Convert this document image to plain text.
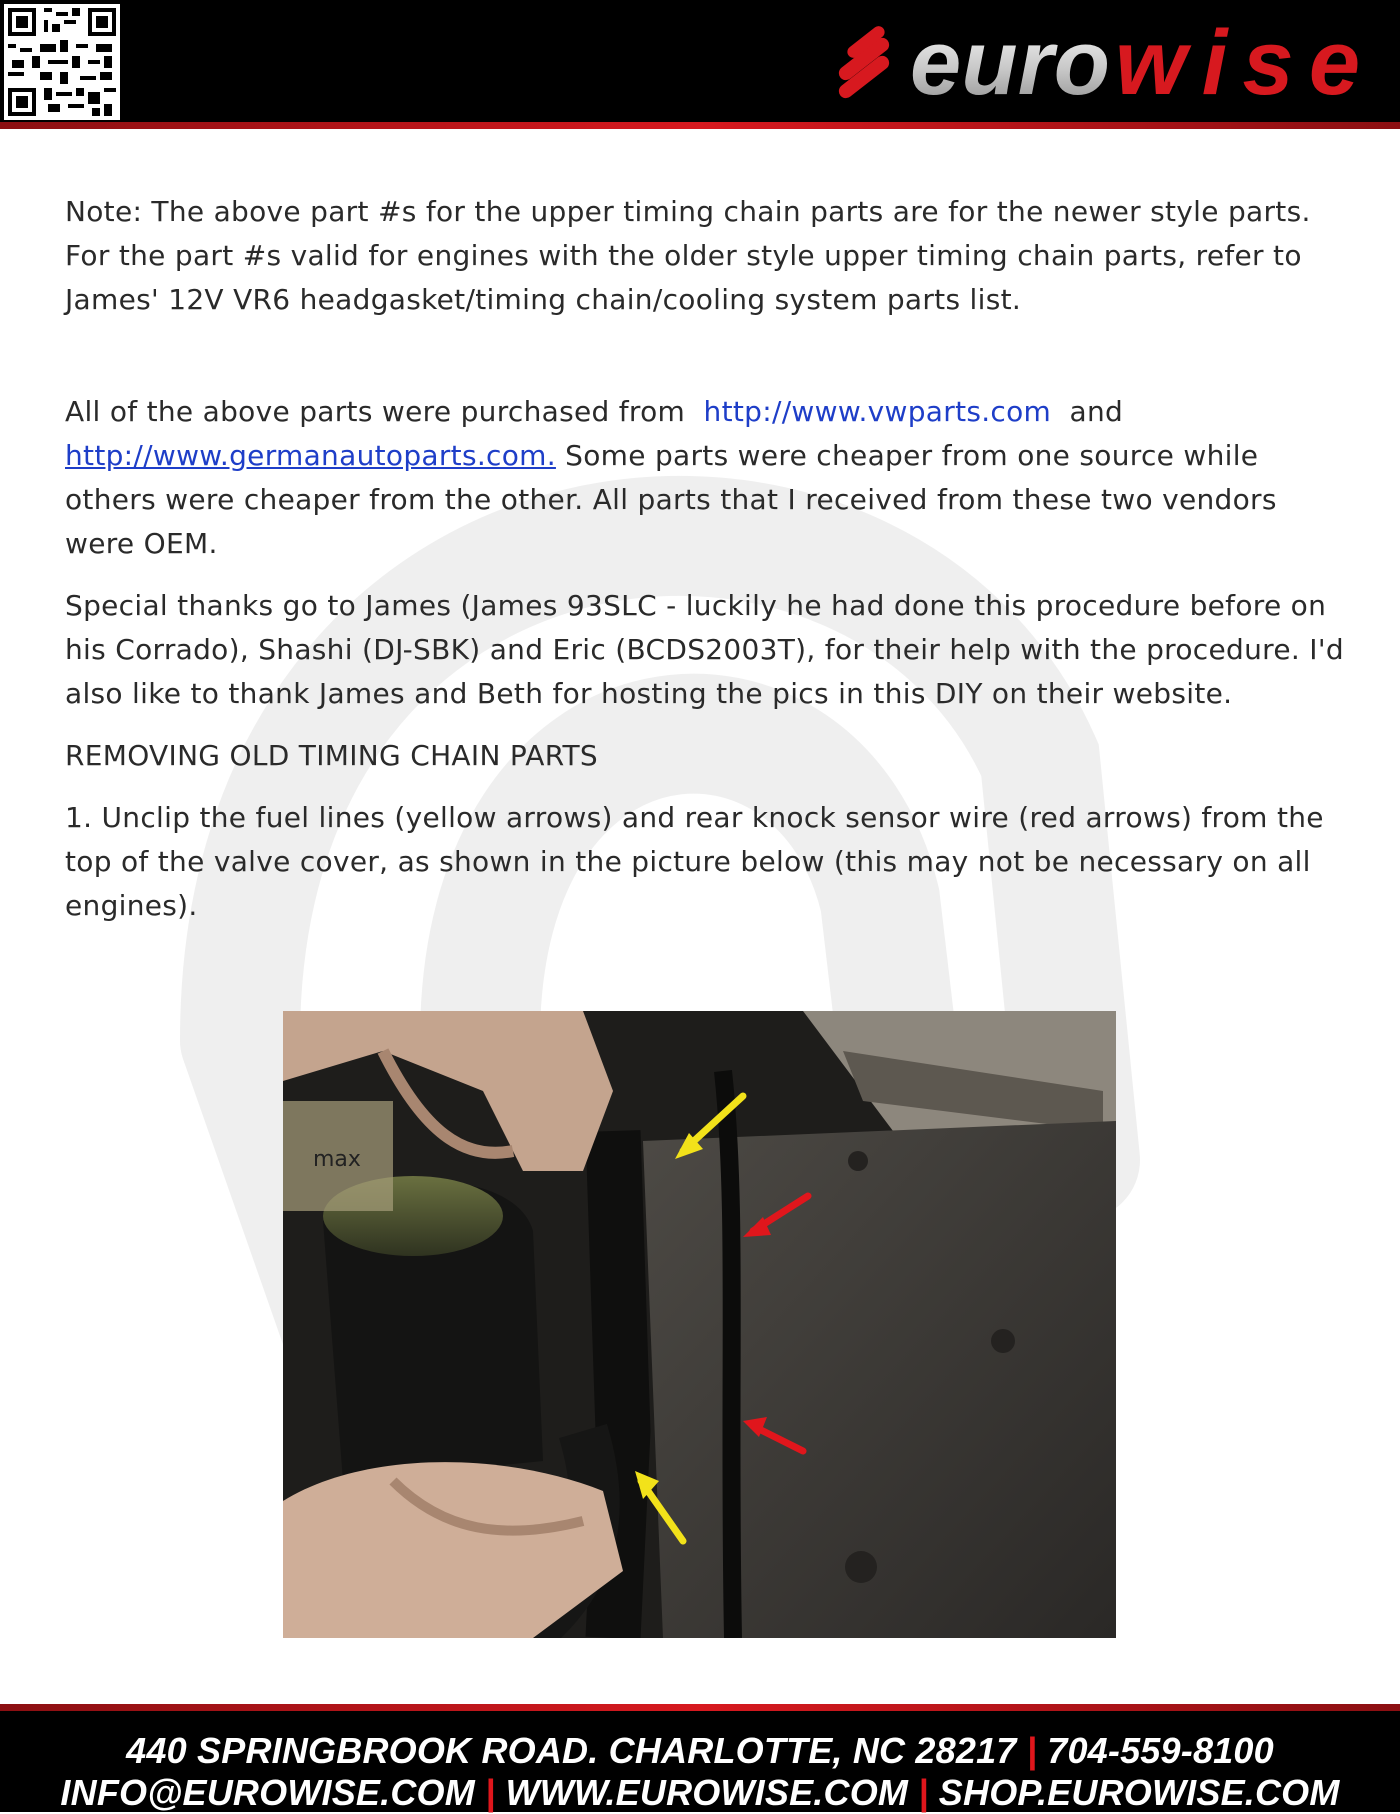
euro wise

Note: The above part #s for the upper timing chain parts are for the newer style parts. For the part #s valid for engines with the older style upper timing chain parts, refer to James' 12V VR6 headgasket/timing chain/cooling system parts list.

All of the above parts were purchased from http://www.vwparts.com and http://www.germanautoparts.com. Some parts were cheaper from one source while others were cheaper from the other. All parts that I received from these two vendors were OEM.

Special thanks go to James (James 93SLC - luckily he had done this procedure before on his Corrado), Shashi (DJ-SBK) and Eric (BCDS2003T), for their help with the procedure. I'd also like to thank James and Beth for hosting the pics in this DIY on their website.

REMOVING OLD TIMING CHAIN PARTS

1. Unclip the fuel lines (yellow arrows) and rear knock sensor wire (red arrows) from the top of the valve cover, as shown in the picture below (this may not be necessary on all engines).

max
440 SPRINGBROOK ROAD. CHARLOTTE, NC 28217 | 704-559-8100
INFO@EUROWISE.COM | WWW.EUROWISE.COM | SHOP.EUROWISE.COM
